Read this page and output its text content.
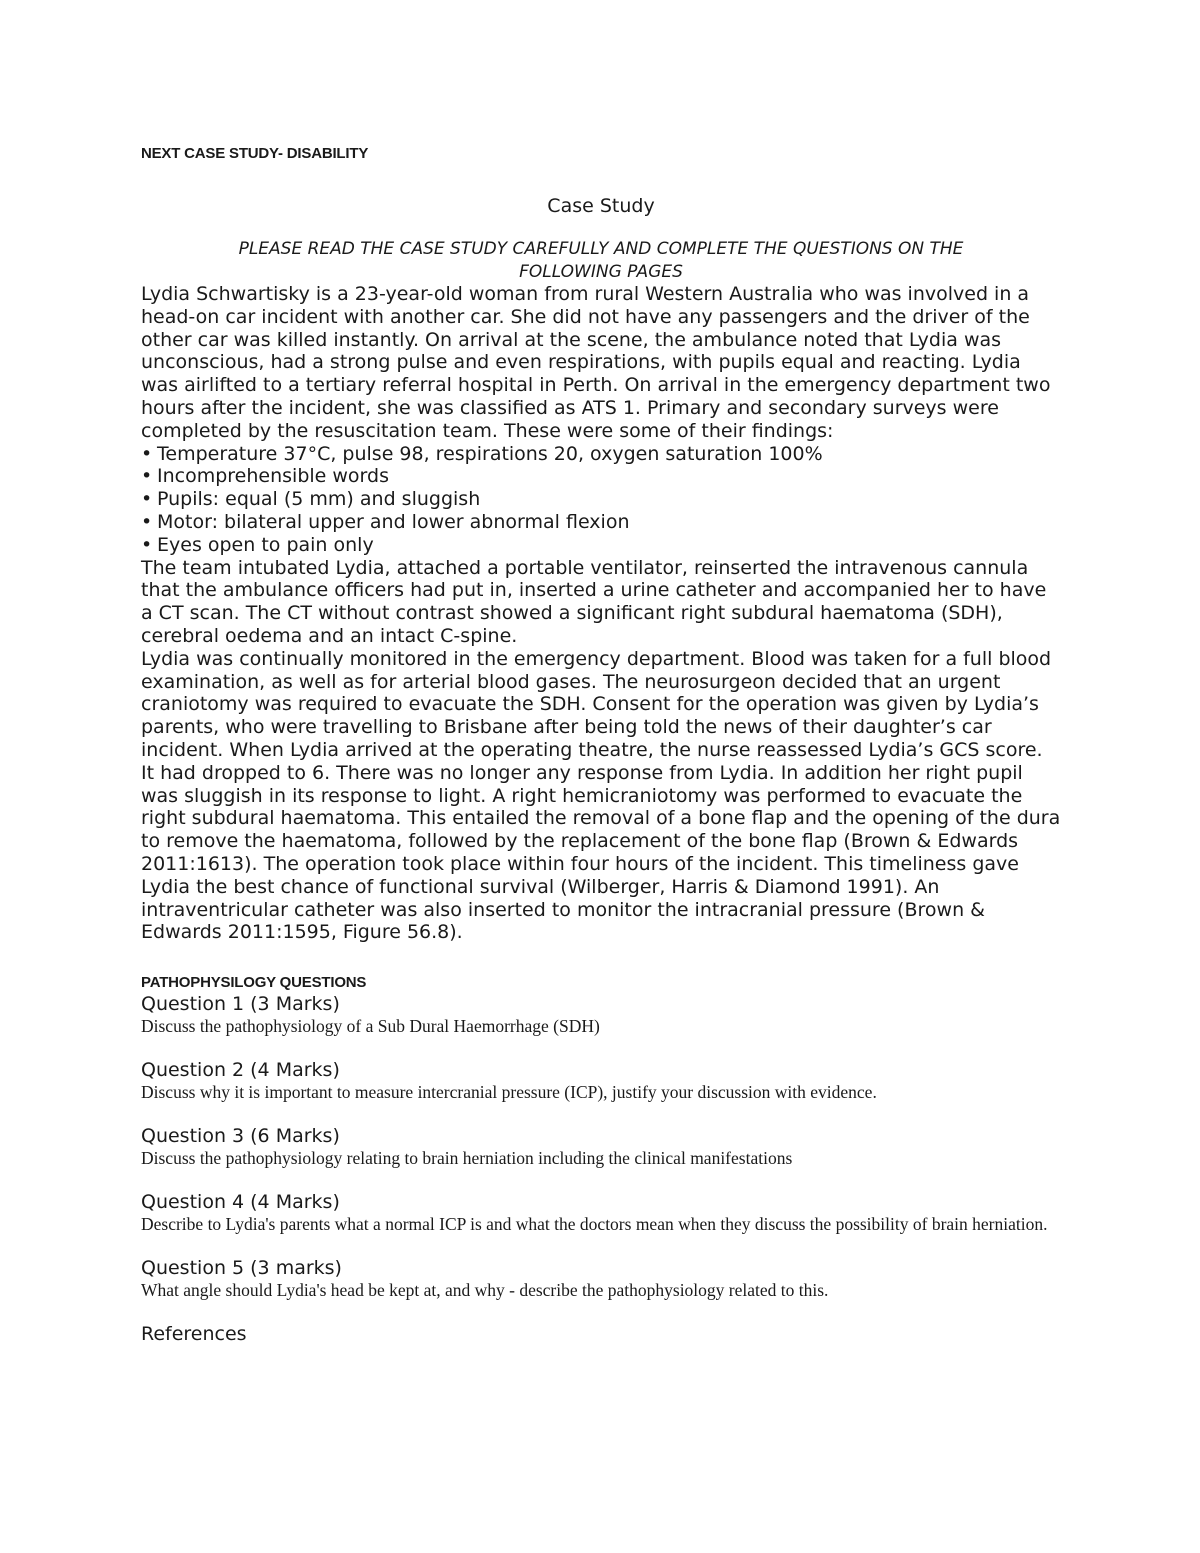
NEXT CASE STUDY- DISABILITY
Case Study
PLEASE READ THE CASE STUDY CAREFULLY AND COMPLETE THE QUESTIONS ON THE
FOLLOWING PAGES

Lydia Schwartisky is a 23-year-old woman from rural Western Australia who was involved in a head-on car incident with another car. She did not have any passengers and the driver of the other car was killed instantly. On arrival at the scene, the ambulance noted that Lydia was unconscious, had a strong pulse and even respirations, with pupils equal and reacting. Lydia was airlifted to a tertiary referral hospital in Perth. On arrival in the emergency department two hours after the incident, she was classified as ATS 1. Primary and secondary surveys were completed by the resuscitation team. These were some of their findings:

• Temperature 37°C, pulse 98, respirations 20, oxygen saturation 100%
• Incomprehensible words
• Pupils: equal (5 mm) and sluggish
• Motor: bilateral upper and lower abnormal flexion
• Eyes open to pain only

The team intubated Lydia, attached a portable ventilator, reinserted the intravenous cannula that the ambulance officers had put in, inserted a urine catheter and accompanied her to have a CT scan. The CT without contrast showed a significant right subdural haematoma (SDH), cerebral oedema and an intact C-spine.

Lydia was continually monitored in the emergency department. Blood was taken for a full blood examination, as well as for arterial blood gases. The neurosurgeon decided that an urgent craniotomy was required to evacuate the SDH. Consent for the operation was given by Lydia’s parents, who were travelling to Brisbane after being told the news of their daughter’s car incident. When Lydia arrived at the operating theatre, the nurse reassessed Lydia’s GCS score. It had dropped to 6. There was no longer any response from Lydia. In addition her right pupil was sluggish in its response to light. A right hemicraniotomy was performed to evacuate the right subdural haematoma. This entailed the removal of a bone flap and the opening of the dura to remove the haematoma, followed by the replacement of the bone flap (Brown & Edwards 2011:1613). The operation took place within four hours of the incident. This timeliness gave Lydia the best chance of functional survival (Wilberger, Harris & Diamond 1991). An intraventricular catheter was also inserted to monitor the intracranial pressure (Brown & Edwards 2011:1595, Figure 56.8).

PATHOPHYSILOGY QUESTIONS
Question 1 (3 Marks)

Discuss the pathophysiology of a Sub Dural Haemorrhage (SDH)

Question 2 (4 Marks)

Discuss why it is important to measure intercranial pressure (ICP), justify your discussion with evidence.

Question 3 (6 Marks)

Discuss the pathophysiology relating to brain herniation including the clinical manifestations

Question 4 (4 Marks)

Describe to Lydia's parents what a normal ICP is and what the doctors mean when they discuss the possibility of brain herniation.

Question 5 (3 marks)

What angle should Lydia's head be kept at, and why - describe the pathophysiology related to this.

References
